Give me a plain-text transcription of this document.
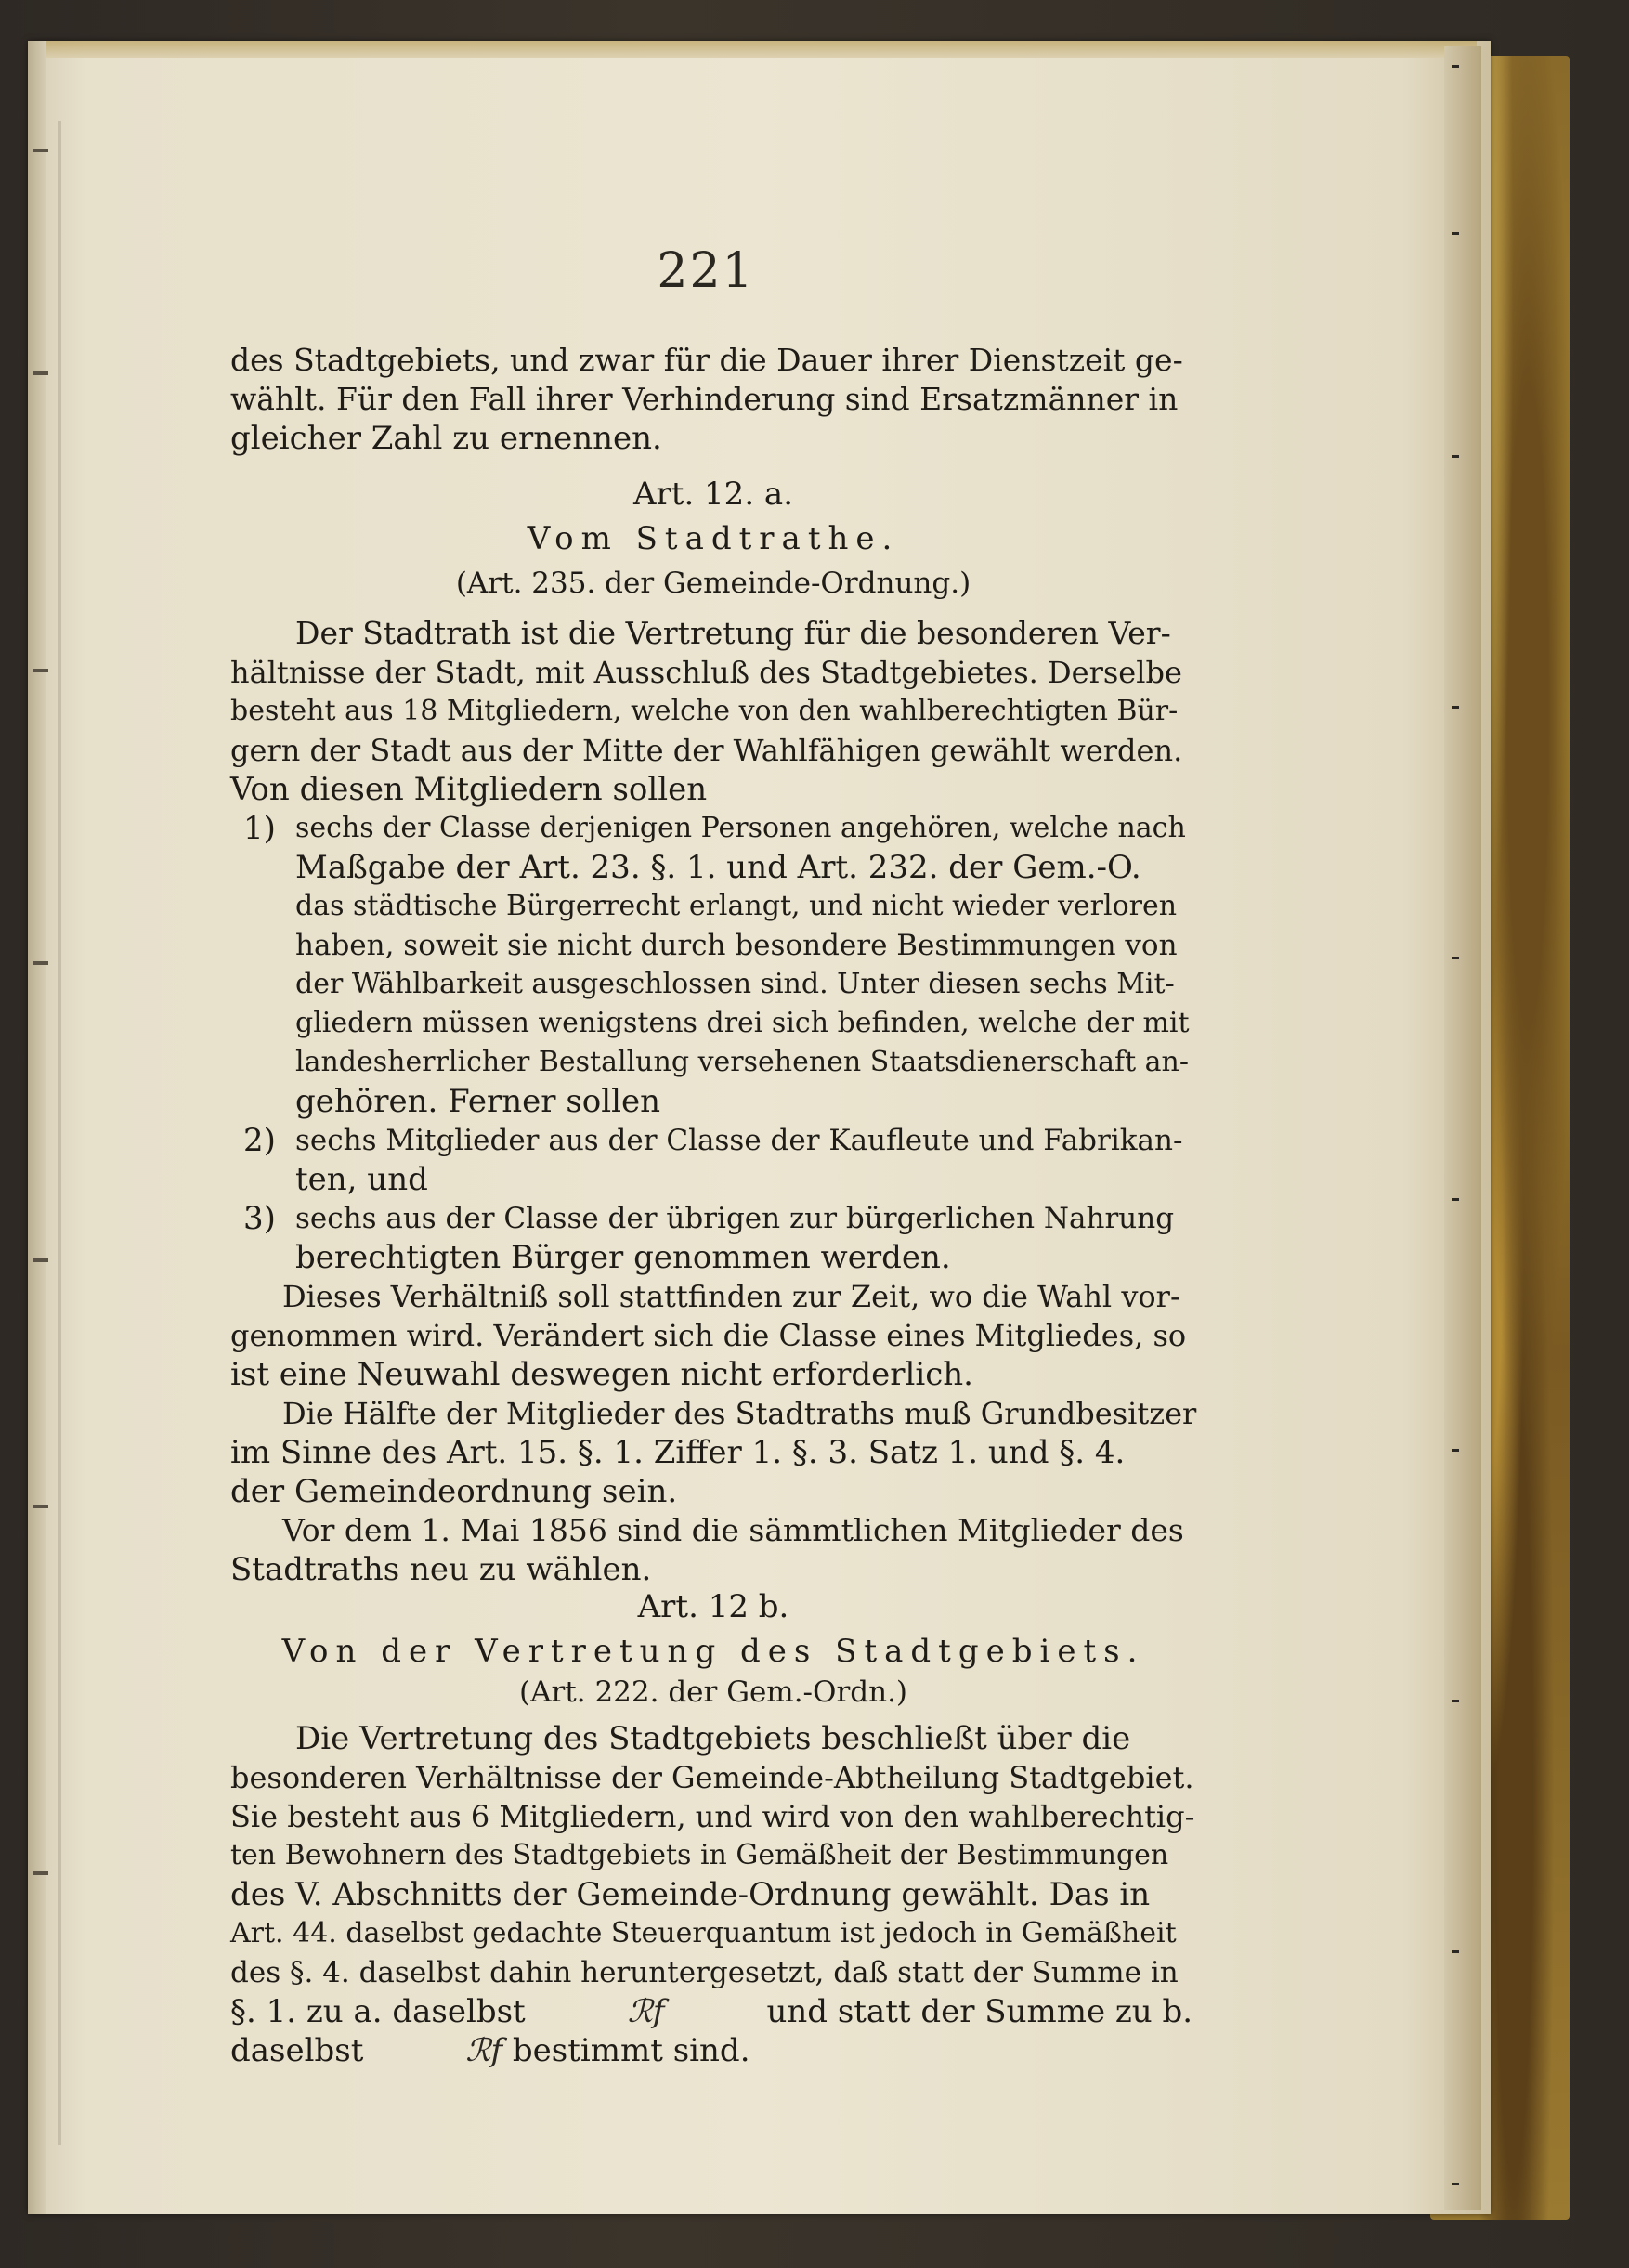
221
des Stadtgebiets, und zwar für die Dauer ihrer Dienstzeit ge-
wählt. Für den Fall ihrer Verhinderung sind Ersatzmänner in
gleicher Zahl zu ernennen.
Art. 12. a.
Vom Stadtrathe.
(Art. 235. der Gemeinde-Ordnung.)
Der Stadtrath ist die Vertretung für die besonderen Ver-
hältnisse der Stadt, mit Ausschluß des Stadtgebietes. Derselbe
besteht aus 18 Mitgliedern, welche von den wahlberechtigten Bür-
gern der Stadt aus der Mitte der Wahlfähigen gewählt werden.
Von diesen Mitgliedern sollen
1) sechs der Classe derjenigen Personen angehören, welche nach
Maßgabe der Art. 23. §. 1. und Art. 232. der Gem.-O.
das städtische Bürgerrecht erlangt, und nicht wieder verloren
haben, soweit sie nicht durch besondere Bestimmungen von
der Wählbarkeit ausgeschlossen sind. Unter diesen sechs Mit-
gliedern müssen wenigstens drei sich befinden, welche der mit
landesherrlicher Bestallung versehenen Staatsdienerschaft an-
gehören. Ferner sollen
2) sechs Mitglieder aus der Classe der Kaufleute und Fabrikan-
ten, und
3) sechs aus der Classe der übrigen zur bürgerlichen Nahrung
berechtigten Bürger genommen werden.
Dieses Verhältniß soll stattfinden zur Zeit, wo die Wahl vor-
genommen wird. Verändert sich die Classe eines Mitgliedes, so
ist eine Neuwahl deswegen nicht erforderlich.
Die Hälfte der Mitglieder des Stadtraths muß Grundbesitzer
im Sinne des Art. 15. §. 1. Ziffer 1. §. 3. Satz 1. und §. 4.
der Gemeindeordnung sein.
Vor dem 1. Mai 1856 sind die sämmtlichen Mitglieder des
Stadtraths neu zu wählen.
Art. 12 b.
Von der Vertretung des Stadtgebiets.
(Art. 222. der Gem.-Ordn.)
Die Vertretung des Stadtgebiets beschließt über die
besonderen Verhältnisse der Gemeinde-Abtheilung Stadtgebiet.
Sie besteht aus 6 Mitgliedern, und wird von den wahlberechtig-
ten Bewohnern des Stadtgebiets in Gemäßheit der Bestimmungen
des V. Abschnitts der Gemeinde-Ordnung gewählt. Das in
Art. 44. daselbst gedachte Steuerquantum ist jedoch in Gemäßheit
des §. 4. daselbst dahin heruntergesetzt, daß statt der Summe in
§. 1. zu a. daselbst	ℛ𝑓	und statt der Summe zu b.
daselbst	ℛ𝑓 bestimmt sind.
